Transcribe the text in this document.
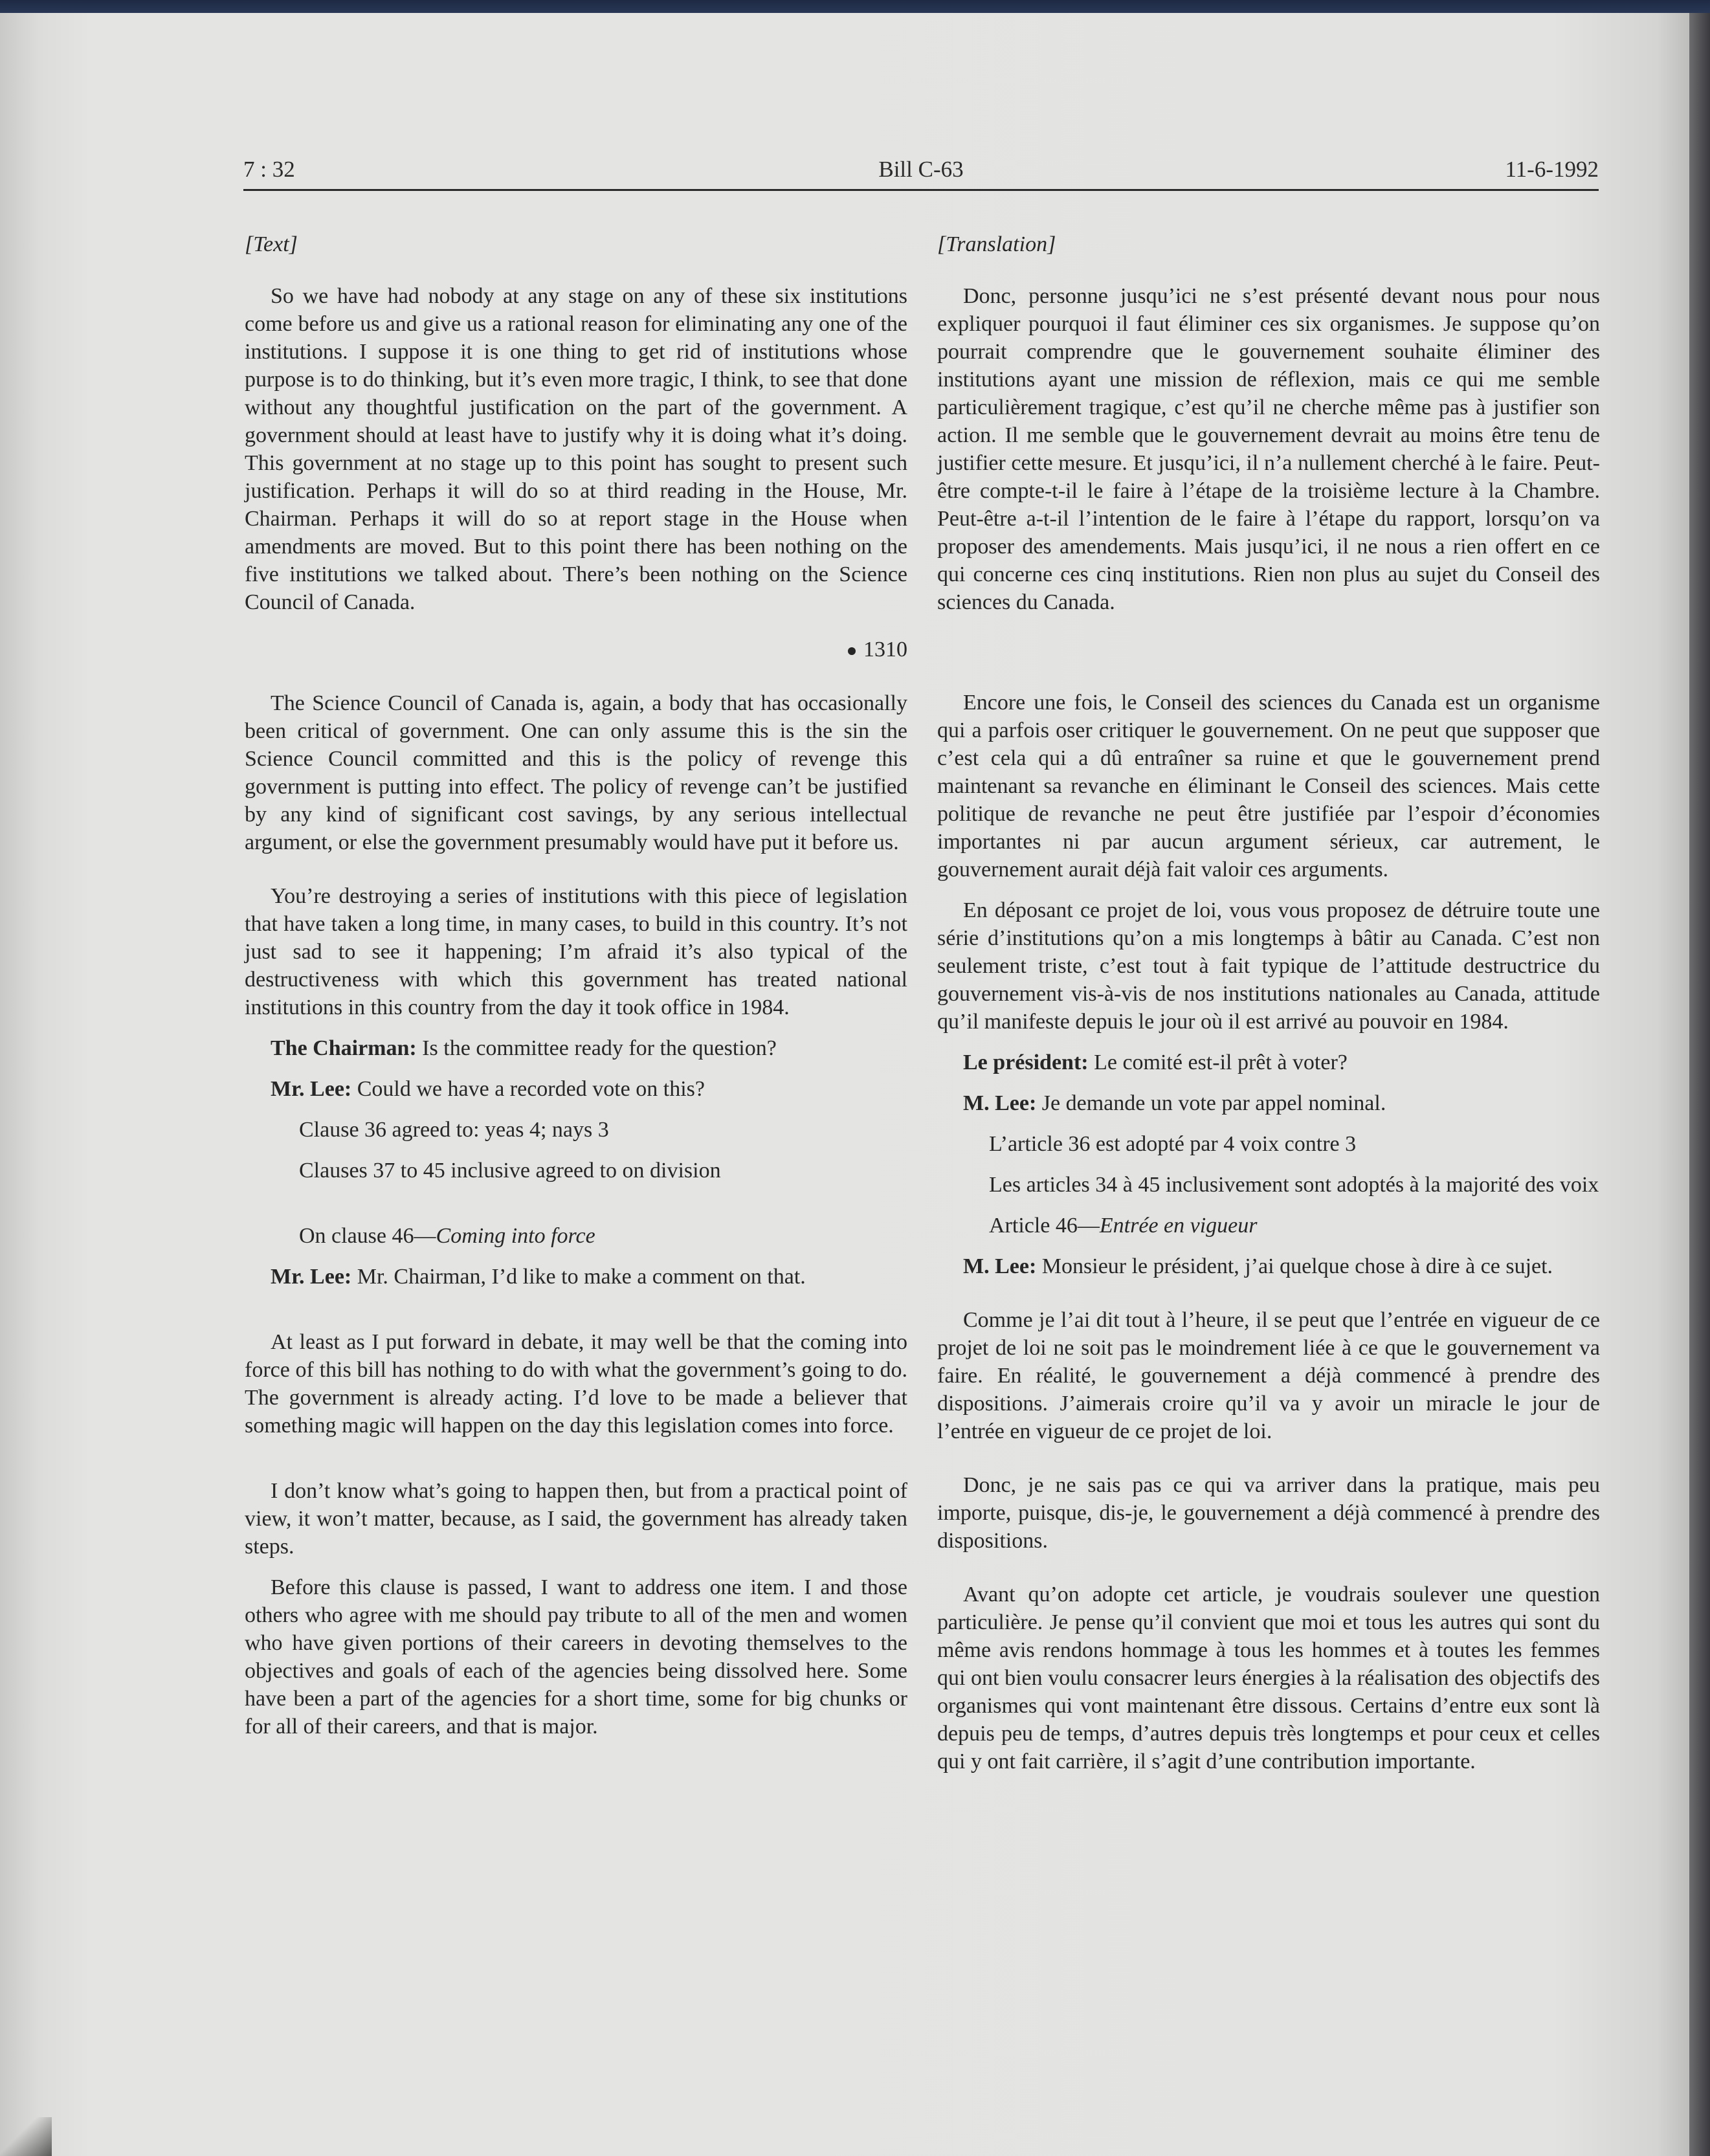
7 : 32	Bill C-63	11-6-1992

[Text]

So we have had nobody at any stage on any of these six institutions come before us and give us a rational reason for eliminating any one of the institutions. I suppose it is one thing to get rid of institutions whose purpose is to do thinking, but it’s even more tragic, I think, to see that done without any thoughtful justification on the part of the government. A government should at least have to justify why it is doing what it’s doing. This government at no stage up to this point has sought to present such justification. Perhaps it will do so at third reading in the House, Mr. Chairman. Perhaps it will do so at report stage in the House when amendments are moved. But to this point there has been nothing on the five institutions we talked about. There’s been nothing on the Science Council of Canada.

1310

The Science Council of Canada is, again, a body that has occasionally been critical of government. One can only assume this is the sin the Science Council committed and this is the policy of revenge this government is putting into effect. The policy of revenge can’t be justified by any kind of significant cost savings, by any serious intellectual argument, or else the government presumably would have put it before us.

You’re destroying a series of institutions with this piece of legislation that have taken a long time, in many cases, to build in this country. It’s not just sad to see it happening; I’m afraid it’s also typical of the destructiveness with which this government has treated national institutions in this country from the day it took office in 1984.

The Chairman: Is the committee ready for the question?

Mr. Lee: Could we have a recorded vote on this?

Clause 36 agreed to: yeas 4; nays 3

Clauses 37 to 45 inclusive agreed to on division

On clause 46—Coming into force

Mr. Lee: Mr. Chairman, I’d like to make a comment on that.

At least as I put forward in debate, it may well be that the coming into force of this bill has nothing to do with what the government’s going to do. The government is already acting. I’d love to be made a believer that something magic will happen on the day this legislation comes into force.

I don’t know what’s going to happen then, but from a practical point of view, it won’t matter, because, as I said, the government has already taken steps.

Before this clause is passed, I want to address one item. I and those others who agree with me should pay tribute to all of the men and women who have given portions of their careers in devoting themselves to the objectives and goals of each of the agencies being dissolved here. Some have been a part of the agencies for a short time, some for big chunks or for all of their careers, and that is major.

[Translation]

Donc, personne jusqu’ici ne s’est présenté devant nous pour nous expliquer pourquoi il faut éliminer ces six organismes. Je suppose qu’on pourrait comprendre que le gouvernement souhaite éliminer des institutions ayant une mission de réflexion, mais ce qui me semble particulièrement tragique, c’est qu’il ne cherche même pas à justifier son action. Il me semble que le gouvernement devrait au moins être tenu de justifier cette mesure. Et jusqu’ici, il n’a nullement cherché à le faire. Peut-être compte-t-il le faire à l’étape de la troisième lecture à la Chambre. Peut-être a-t-il l’intention de le faire à l’étape du rapport, lorsqu’on va proposer des amendements. Mais jusqu’ici, il ne nous a rien offert en ce qui concerne ces cinq institutions. Rien non plus au sujet du Conseil des sciences du Canada.

Encore une fois, le Conseil des sciences du Canada est un organisme qui a parfois oser critiquer le gouvernement. On ne peut que supposer que c’est cela qui a dû entraîner sa ruine et que le gouvernement prend maintenant sa revanche en éliminant le Conseil des sciences. Mais cette politique de revanche ne peut être justifiée par l’espoir d’économies importantes ni par aucun argument sérieux, car autrement, le gouvernement aurait déjà fait valoir ces arguments.

En déposant ce projet de loi, vous vous proposez de détruire toute une série d’institutions qu’on a mis longtemps à bâtir au Canada. C’est non seulement triste, c’est tout à fait typique de l’attitude destructrice du gouvernement vis-à-vis de nos institutions nationales au Canada, attitude qu’il manifeste depuis le jour où il est arrivé au pouvoir en 1984.

Le président: Le comité est-il prêt à voter?

M. Lee: Je demande un vote par appel nominal.

L’article 36 est adopté par 4 voix contre 3

Les articles 34 à 45 inclusivement sont adoptés à la majorité des voix

Article 46—Entrée en vigueur

M. Lee: Monsieur le président, j’ai quelque chose à dire à ce sujet.

Comme je l’ai dit tout à l’heure, il se peut que l’entrée en vigueur de ce projet de loi ne soit pas le moindrement liée à ce que le gouvernement va faire. En réalité, le gouvernement a déjà commencé à prendre des dispositions. J’aimerais croire qu’il va y avoir un miracle le jour de l’entrée en vigueur de ce projet de loi.

Donc, je ne sais pas ce qui va arriver dans la pratique, mais peu importe, puisque, dis-je, le gouvernement a déjà commencé à prendre des dispositions.

Avant qu’on adopte cet article, je voudrais soulever une question particulière. Je pense qu’il convient que moi et tous les autres qui sont du même avis rendons hommage à tous les hommes et à toutes les femmes qui ont bien voulu consacrer leurs énergies à la réalisation des objectifs des organismes qui vont maintenant être dissous. Certains d’entre eux sont là depuis peu de temps, d’autres depuis très longtemps et pour ceux et celles qui y ont fait carrière, il s’agit d’une contribution importante.
